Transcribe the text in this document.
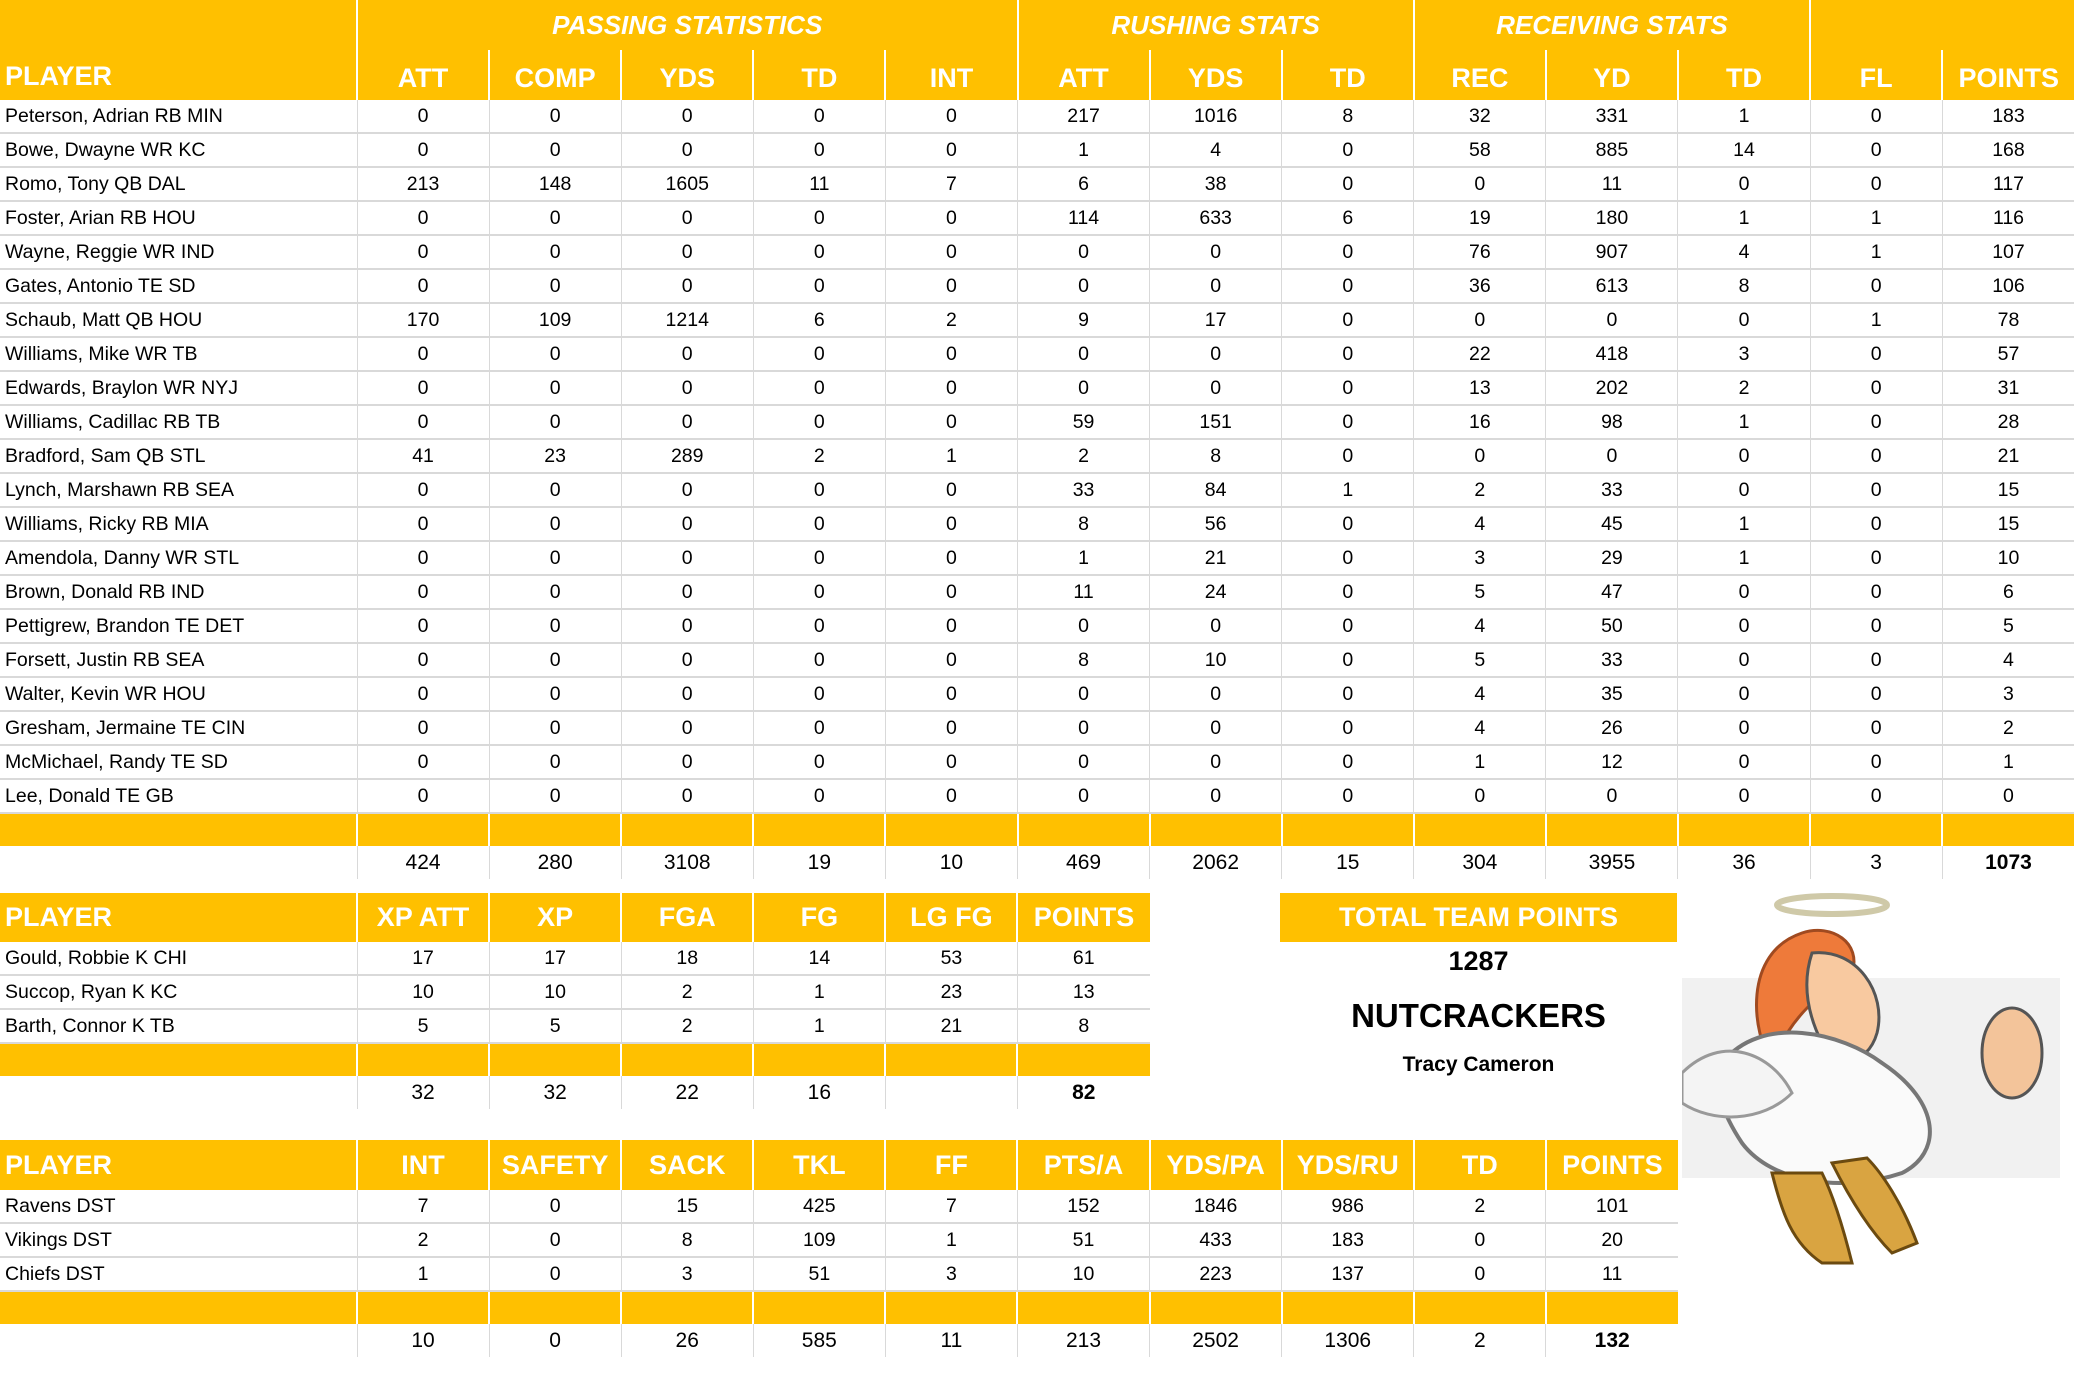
PLAYER	PASSING STATISTICS					RUSHING STATS			RECEIVING STATS				
	ATT	COMP	YDS	TD	INT	ATT	YDS	TD	REC	YD	TD	FL	POINTS
Peterson, Adrian RB MIN	0	0	0	0	0	217	1016	8	32	331	1	0	183
Bowe, Dwayne WR KC	0	0	0	0	0	1	4	0	58	885	14	0	168
Romo, Tony QB DAL	213	148	1605	11	7	6	38	0	0	11	0	0	117
Foster, Arian RB HOU	0	0	0	0	0	114	633	6	19	180	1	1	116
Wayne, Reggie WR IND	0	0	0	0	0	0	0	0	76	907	4	1	107
Gates, Antonio TE SD	0	0	0	0	0	0	0	0	36	613	8	0	106
Schaub, Matt QB HOU	170	109	1214	6	2	9	17	0	0	0	0	1	78
Williams, Mike WR TB	0	0	0	0	0	0	0	0	22	418	3	0	57
Edwards, Braylon WR NYJ	0	0	0	0	0	0	0	0	13	202	2	0	31
Williams, Cadillac RB TB	0	0	0	0	0	59	151	0	16	98	1	0	28
Bradford, Sam QB STL	41	23	289	2	1	2	8	0	0	0	0	0	21
Lynch, Marshawn RB SEA	0	0	0	0	0	33	84	1	2	33	0	0	15
Williams, Ricky RB MIA	0	0	0	0	0	8	56	0	4	45	1	0	15
Amendola, Danny WR STL	0	0	0	0	0	1	21	0	3	29	1	0	10
Brown, Donald RB IND	0	0	0	0	0	11	24	0	5	47	0	0	6
Pettigrew, Brandon TE DET	0	0	0	0	0	0	0	0	4	50	0	0	5
Forsett, Justin RB SEA	0	0	0	0	0	8	10	0	5	33	0	0	4
Walter, Kevin WR HOU	0	0	0	0	0	0	0	0	4	35	0	0	3
Gresham, Jermaine TE CIN	0	0	0	0	0	0	0	0	4	26	0	0	2
McMichael, Randy TE SD	0	0	0	0	0	0	0	0	1	12	0	0	1
Lee, Donald TE GB	0	0	0	0	0	0	0	0	0	0	0	0	0

	424	280	3108	19	10	469	2062	15	304	3955	36	3	1073
PLAYER	XP ATT	XP	FGA	FG	LG FG	POINTS
Gould, Robbie K CHI	17	17	18	14	53	61
Succop, Ryan K KC	10	10	2	1	23	13
Barth, Connor K TB	5	5	2	1	21	8

	32	32	22	16		82
PLAYER	INT	SAFETY	SACK	TKL	FF	PTS/A	YDS/PA	YDS/RU	TD	POINTS
Ravens DST	7	0	15	425	7	152	1846	986	2	101
Vikings DST	2	0	8	109	1	51	433	183	0	20
Chiefs DST	1	0	3	51	3	10	223	137	0	11

	10	0	26	585	11	213	2502	1306	2	132
TOTAL TEAM POINTS
1287
NUTCRACKERS
Tracy Cameron
